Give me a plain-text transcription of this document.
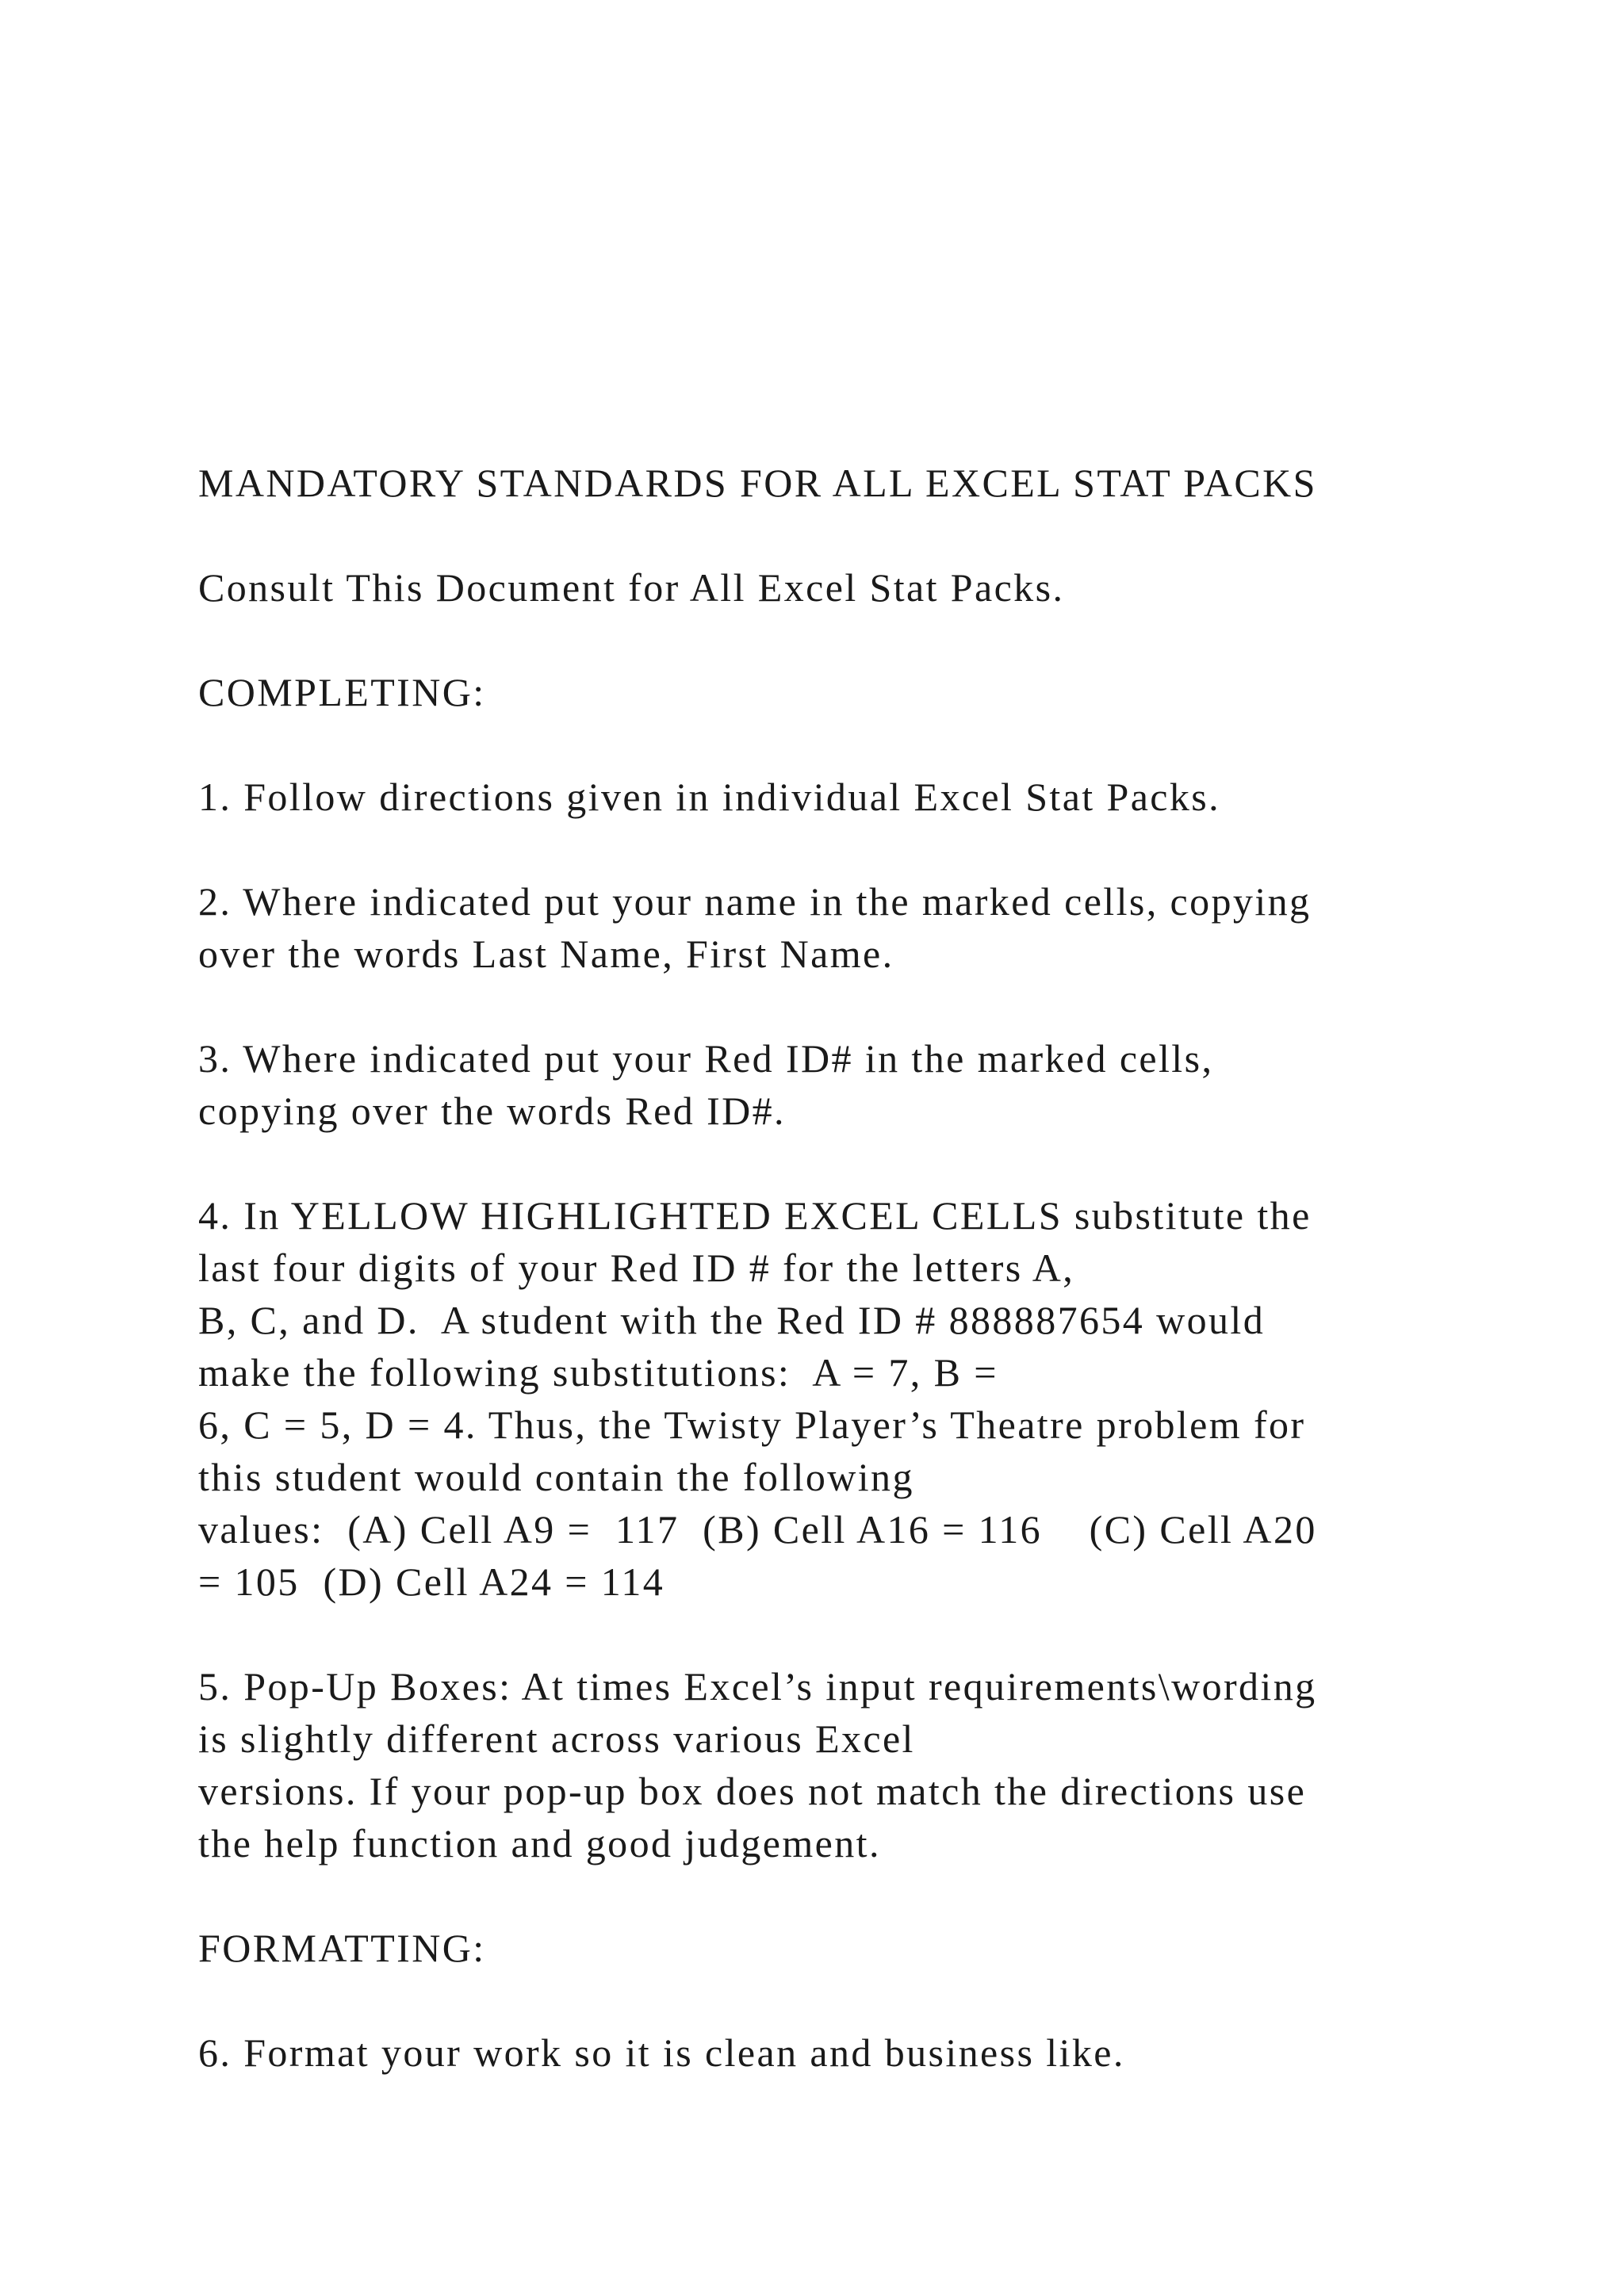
MANDATORY STANDARDS FOR ALL EXCEL STAT PACKS

Consult This Document for All Excel Stat Packs.

COMPLETING:

1. Follow directions given in individual Excel Stat Packs.

2. Where indicated put your name in the marked cells, copying

over the words Last Name, First Name.

3. Where indicated put your Red ID# in the marked cells,

copying over the words Red ID#.

4. In YELLOW HIGHLIGHTED EXCEL CELLS substitute the

last four digits of your Red ID # for the letters A,

B, C, and D.  A student with the Red ID # 888887654 would

make the following substitutions:  A = 7, B =

6, C = 5, D = 4. Thus, the Twisty Player’s Theatre problem for

this student would contain the following

values:  (A) Cell A9 =  117  (B) Cell A16 = 116    (C) Cell A20

= 105  (D) Cell A24 = 114

5. Pop-Up Boxes: At times Excel’s input requirements\wording

is slightly different across various Excel

versions. If your pop-up box does not match the directions use

the help function and good judgement.

FORMATTING:

6. Format your work so it is clean and business like.
